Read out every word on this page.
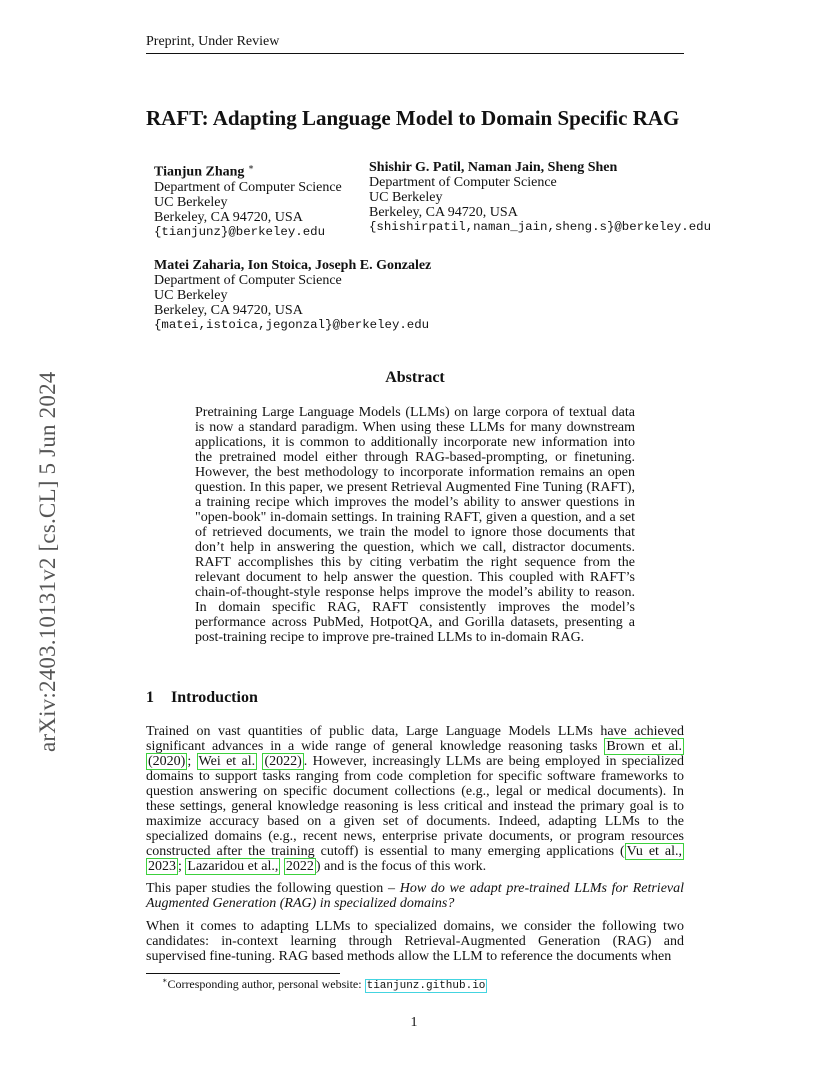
Preprint, Under Review
arXiv:2403.10131v2 [cs.CL] 5 Jun 2024
RAFT: Adapting Language Model to Domain Specific RAG
Tianjun Zhang ∗
Department of Computer Science
UC Berkeley
Berkeley, CA 94720, USA
{tianjunz}@berkeley.edu
Shishir G. Patil, Naman Jain, Sheng Shen
Department of Computer Science
UC Berkeley
Berkeley, CA 94720, USA
{shishirpatil,naman_jain,sheng.s}@berkeley.edu
Matei Zaharia, Ion Stoica, Joseph E. Gonzalez
Department of Computer Science
UC Berkeley
Berkeley, CA 94720, USA
{matei,istoica,jegonzal}@berkeley.edu
Abstract
Pretraining Large Language Models (LLMs) on large corpora of textual data is now a standard paradigm. When using these LLMs for many downstream applications, it is common to additionally incorporate new information into the pretrained model either through RAG-based-prompting, or finetuning. However, the best methodology to incorporate information remains an open question. In this paper, we present Retrieval Augmented Fine Tuning (RAFT), a training recipe which improves the model’s ability to answer questions in "open-book" in-domain settings. In training RAFT, given a question, and a set of retrieved documents, we train the model to ignore those documents that don’t help in answering the question, which we call, distractor documents. RAFT accomplishes this by citing verbatim the right sequence from the relevant document to help answer the question. This coupled with RAFT’s chain-of-thought-style response helps improve the model’s ability to reason. In domain specific RAG, RAFT consistently improves the model’s performance across PubMed, HotpotQA, and Gorilla datasets, presenting a post-training recipe to improve pre-trained LLMs to in-domain RAG.
1 Introduction
Trained on vast quantities of public data, Large Language Models LLMs have achieved significant advances in a wide range of general knowledge reasoning tasks Brown et al. (2020) ; Wei et al. (2022) . However, increasingly LLMs are being employed in specialized domains to support tasks ranging from code completion for specific software frameworks to question answering on specific document collections (e.g., legal or medical documents). In these settings, general knowledge reasoning is less critical and instead the primary goal is to maximize accuracy based on a given set of documents. Indeed, adapting LLMs to the specialized domains (e.g., recent news, enterprise private documents, or program resources constructed after the training cutoff) is essential to many emerging applications ( Vu et al., 2023 ; Lazaridou et al., 2022 ) and is the focus of this work.
This paper studies the following question – How do we adapt pre-trained LLMs for Retrieval Augmented Generation (RAG) in specialized domains?
When it comes to adapting LLMs to specialized domains, we consider the following two candidates: in-context learning through Retrieval-Augmented Generation (RAG) and supervised fine-tuning. RAG based methods allow the LLM to reference the documents when
∗Corresponding author, personal website: tianjunz.github.io
1
